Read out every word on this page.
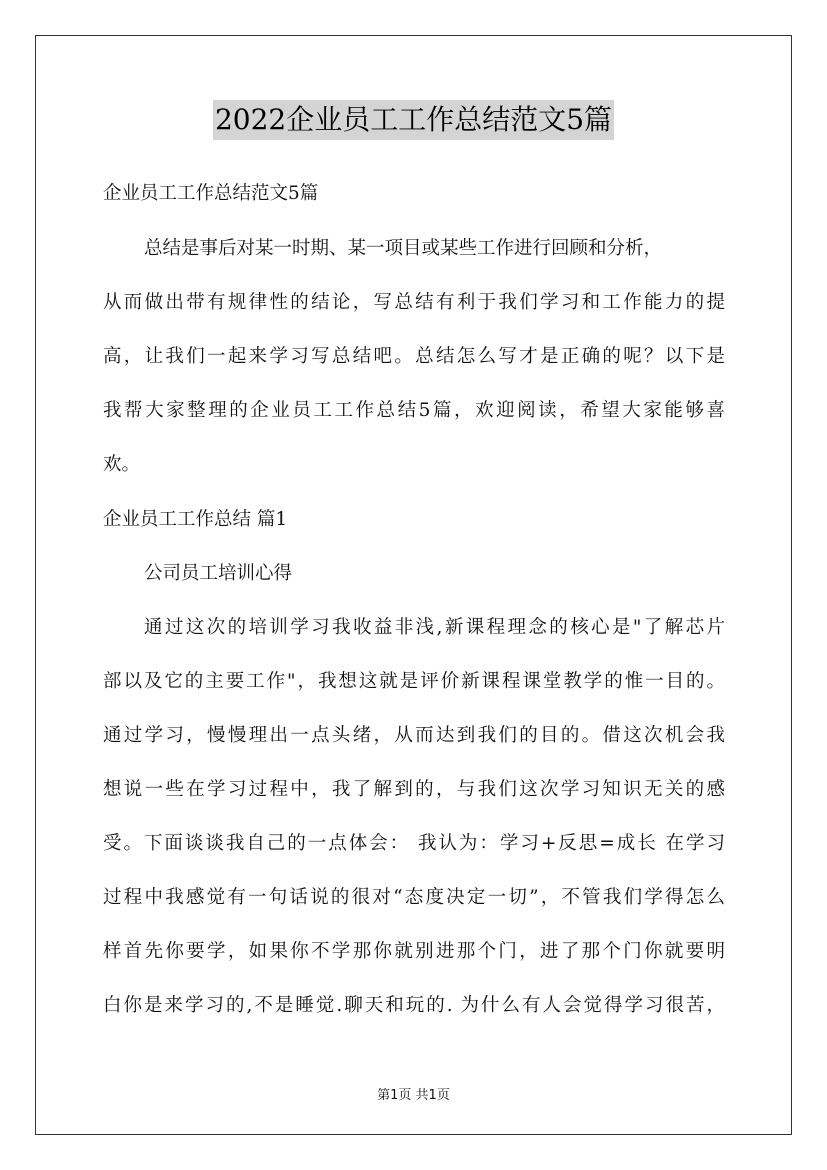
2022企业员工工作总结范文5篇
企业员工工作总结范文5篇
总结是事后对某一时期、某一项目或某些工作进行回顾和分析，
从而做出带有规律性的结论，写总结有利于我们学习和工作能力的提
高，让我们一起来学习写总结吧。总结怎么写才是正确的呢？以下是
我帮大家整理的企业员工工作总结5篇，欢迎阅读，希望大家能够喜
欢。
企业员工工作总结 篇1
公司员工培训心得
通过这次的培训学习我收益非浅,新课程理念的核心是"了解芯片
部以及它的主要工作"，我想这就是评价新课程课堂教学的惟一目的。
通过学习，慢慢理出一点头绪，从而达到我们的目的。借这次机会我
想说一些在学习过程中，我了解到的，与我们这次学习知识无关的感
受。下面谈谈我自己的一点体会： 我认为：学习+反思=成长 在学习
过程中我感觉有一句话说的很对“态度决定一切”，不管我们学得怎么
样首先你要学，如果你不学那你就别进那个门，进了那个门你就要明
白你是来学习的,不是睡觉.聊天和玩的. 为什么有人会觉得学习很苦，
第1页 共1页
